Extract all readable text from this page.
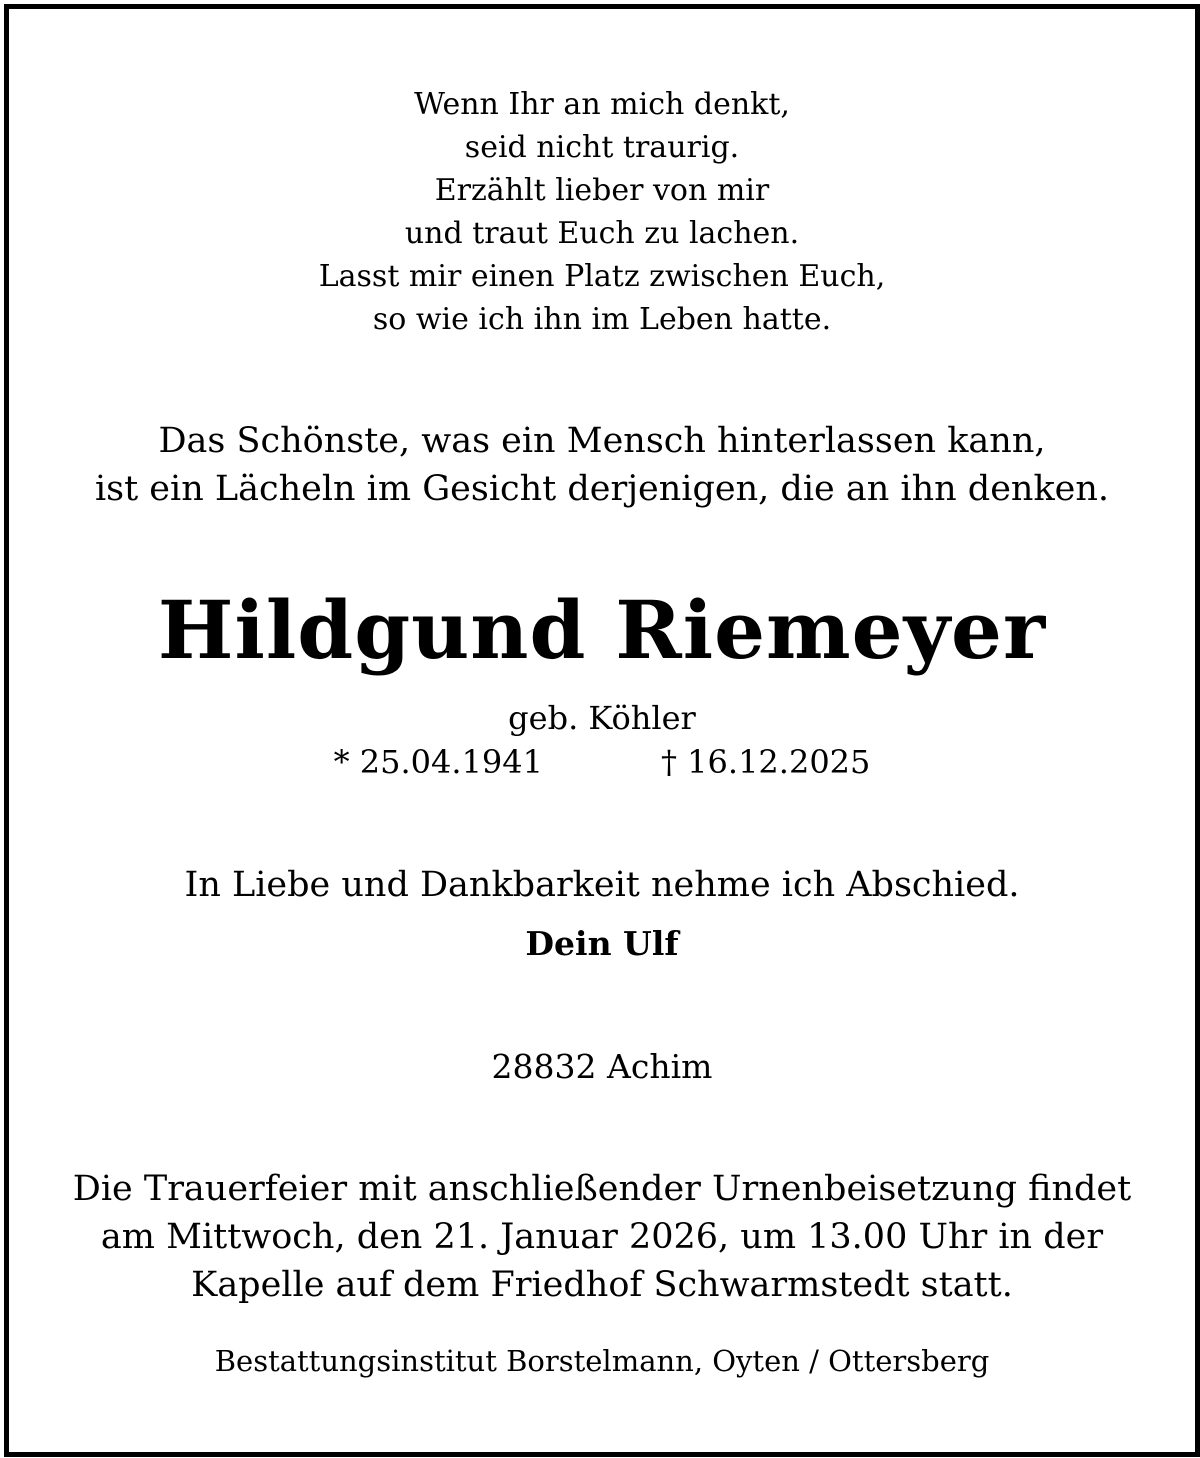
Wenn Ihr an mich denkt,
seid nicht traurig.
Erzählt lieber von mir
und traut Euch zu lachen.
Lasst mir einen Platz zwischen Euch,
so wie ich ihn im Leben hatte.
Das Schönste, was ein Mensch hinterlassen kann,
ist ein Lächeln im Gesicht derjenigen, die an ihn denken.
Hildgund Riemeyer
geb. Köhler
* 25.04.1941	† 16.12.2025
In Liebe und Dankbarkeit nehme ich Abschied.
Dein Ulf
28832 Achim
Die Trauerfeier mit anschließender Urnenbeisetzung findet
am Mittwoch, den 21. Januar 2026, um 13.00 Uhr in der
Kapelle auf dem Friedhof Schwarmstedt statt.
Bestattungsinstitut Borstelmann, Oyten / Ottersberg
